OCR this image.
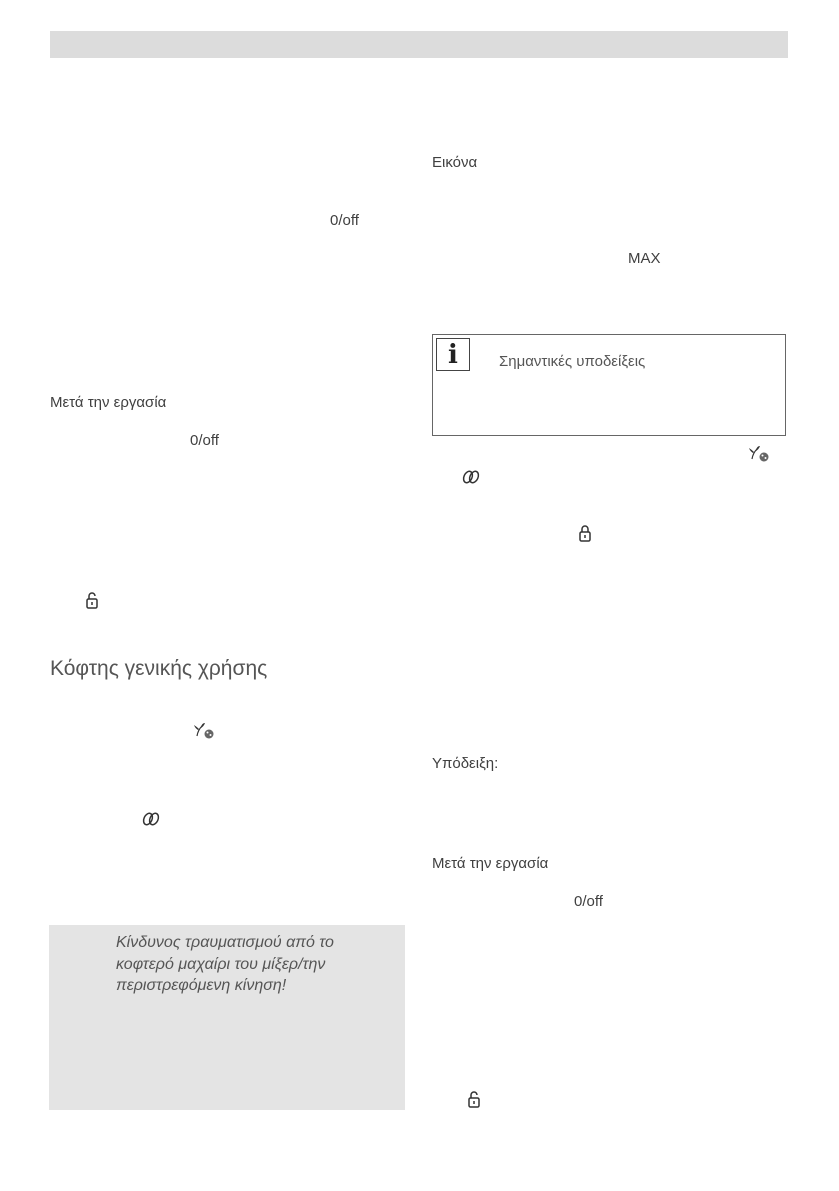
0/off
Μετά την εργασία
0/off
Κόφτης γενικής χρήσης
Κίνδυνος τραυματισμού από το
κοφτερό μαχαίρι του μίξερ/την
περιστρεφόμενη κίνηση!
Εικόνα
MAX
i	Σημαντικές υποδείξεις
Υπόδειξη:
Μετά την εργασία
0/off
